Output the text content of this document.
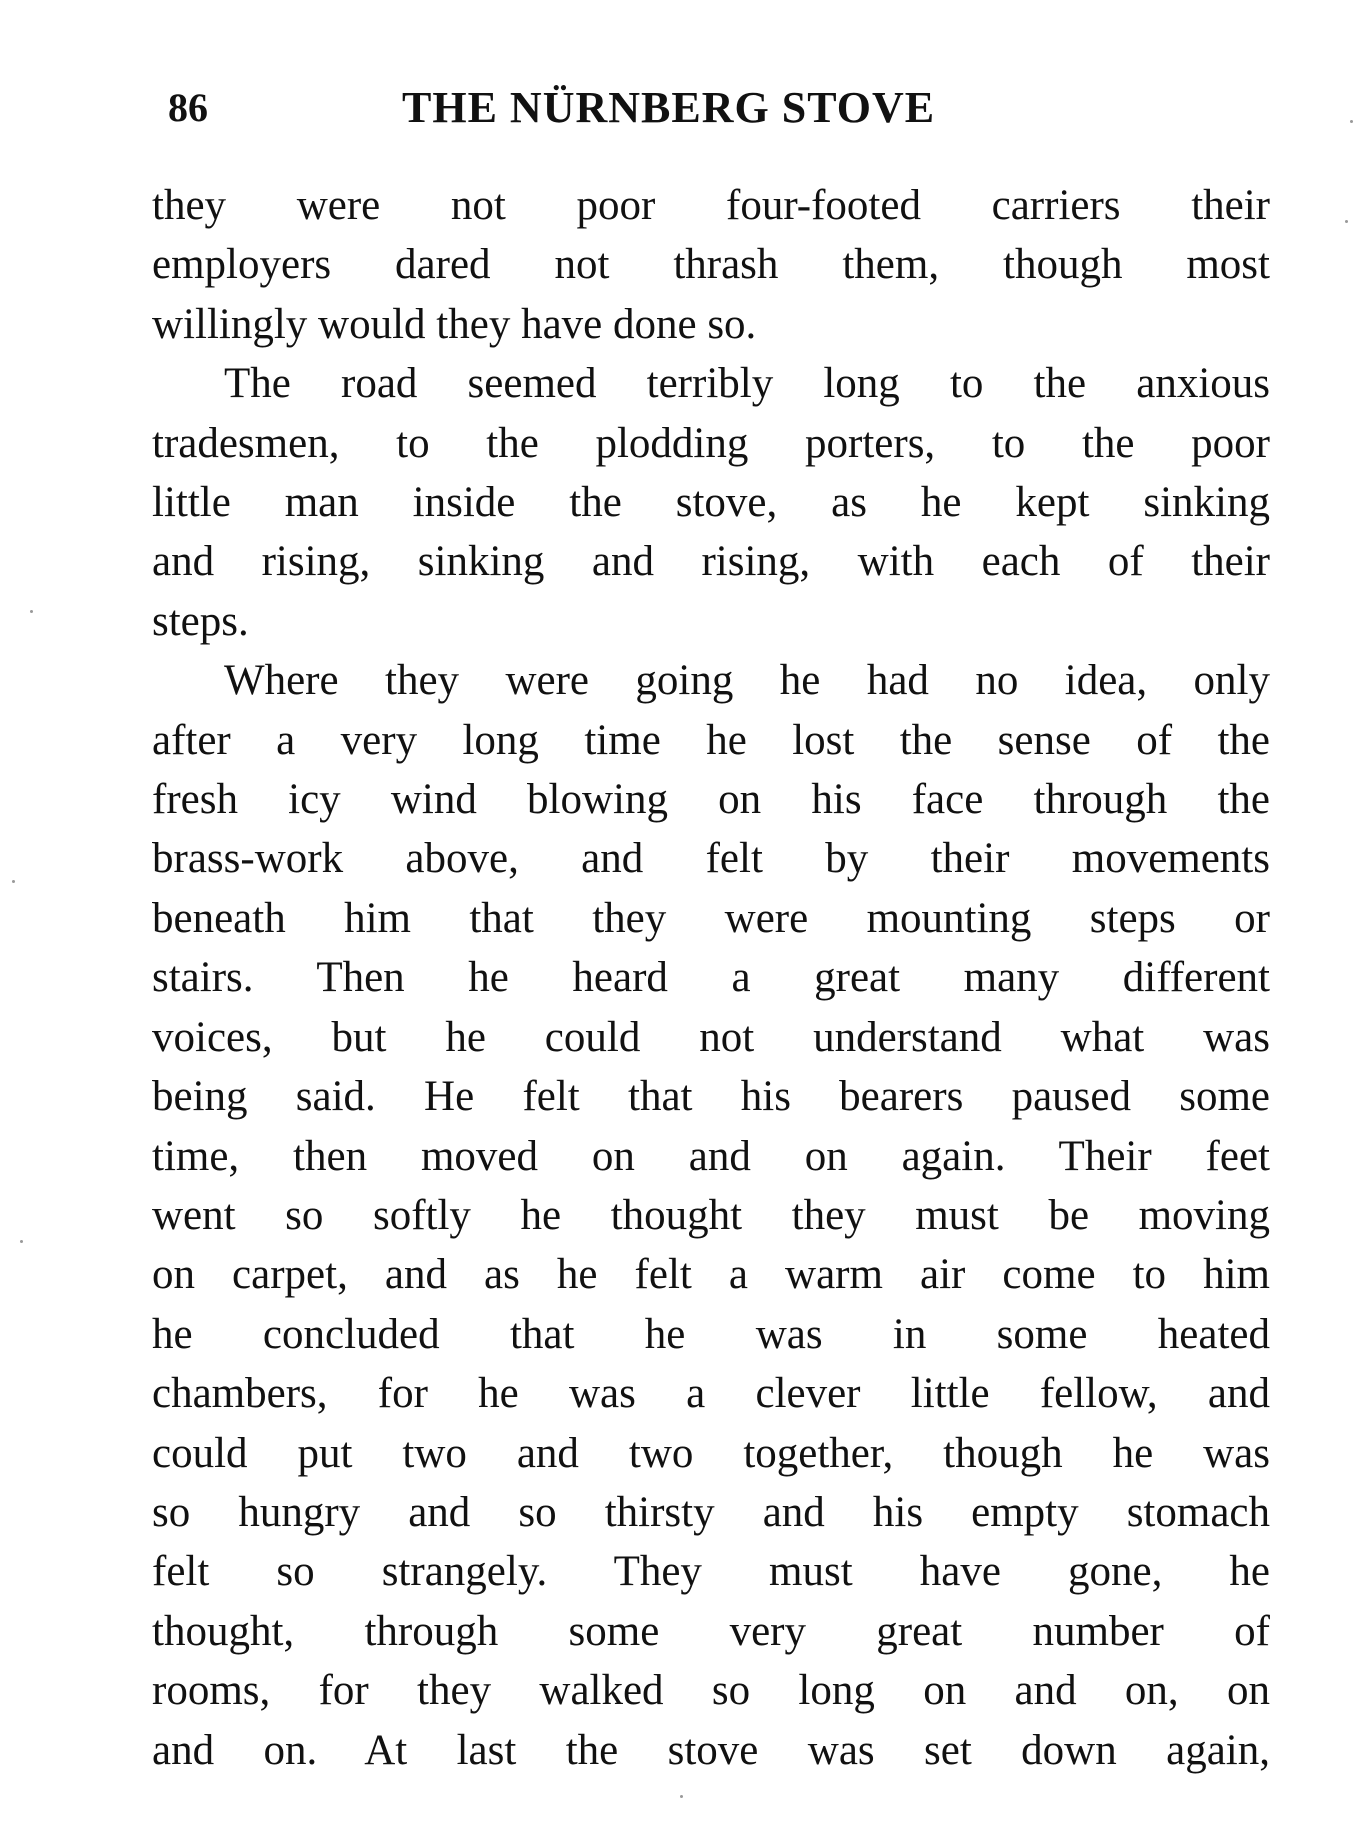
86	THE NÜRNBERG STOVE
they were not poor four-footed carriers their
employers dared not thrash them, though most
willingly would they have done so.
The road seemed terribly long to the anxious
tradesmen, to the plodding porters, to the poor
little man inside the stove, as he kept sinking
and rising, sinking and rising, with each of their
steps.
Where they were going he had no idea, only
after a very long time he lost the sense of the
fresh icy wind blowing on his face through the
brass-work above, and felt by their movements
beneath him that they were mounting steps or
stairs. Then he heard a great many different
voices, but he could not understand what was
being said. He felt that his bearers paused some
time, then moved on and on again. Their feet
went so softly he thought they must be moving
on carpet, and as he felt a warm air come to him
he concluded that he was in some heated
chambers, for he was a clever little fellow, and
could put two and two together, though he was
so hungry and so thirsty and his empty stomach
felt so strangely. They must have gone, he
thought, through some very great number of
rooms, for they walked so long on and on, on
and on. At last the stove was set down again,
